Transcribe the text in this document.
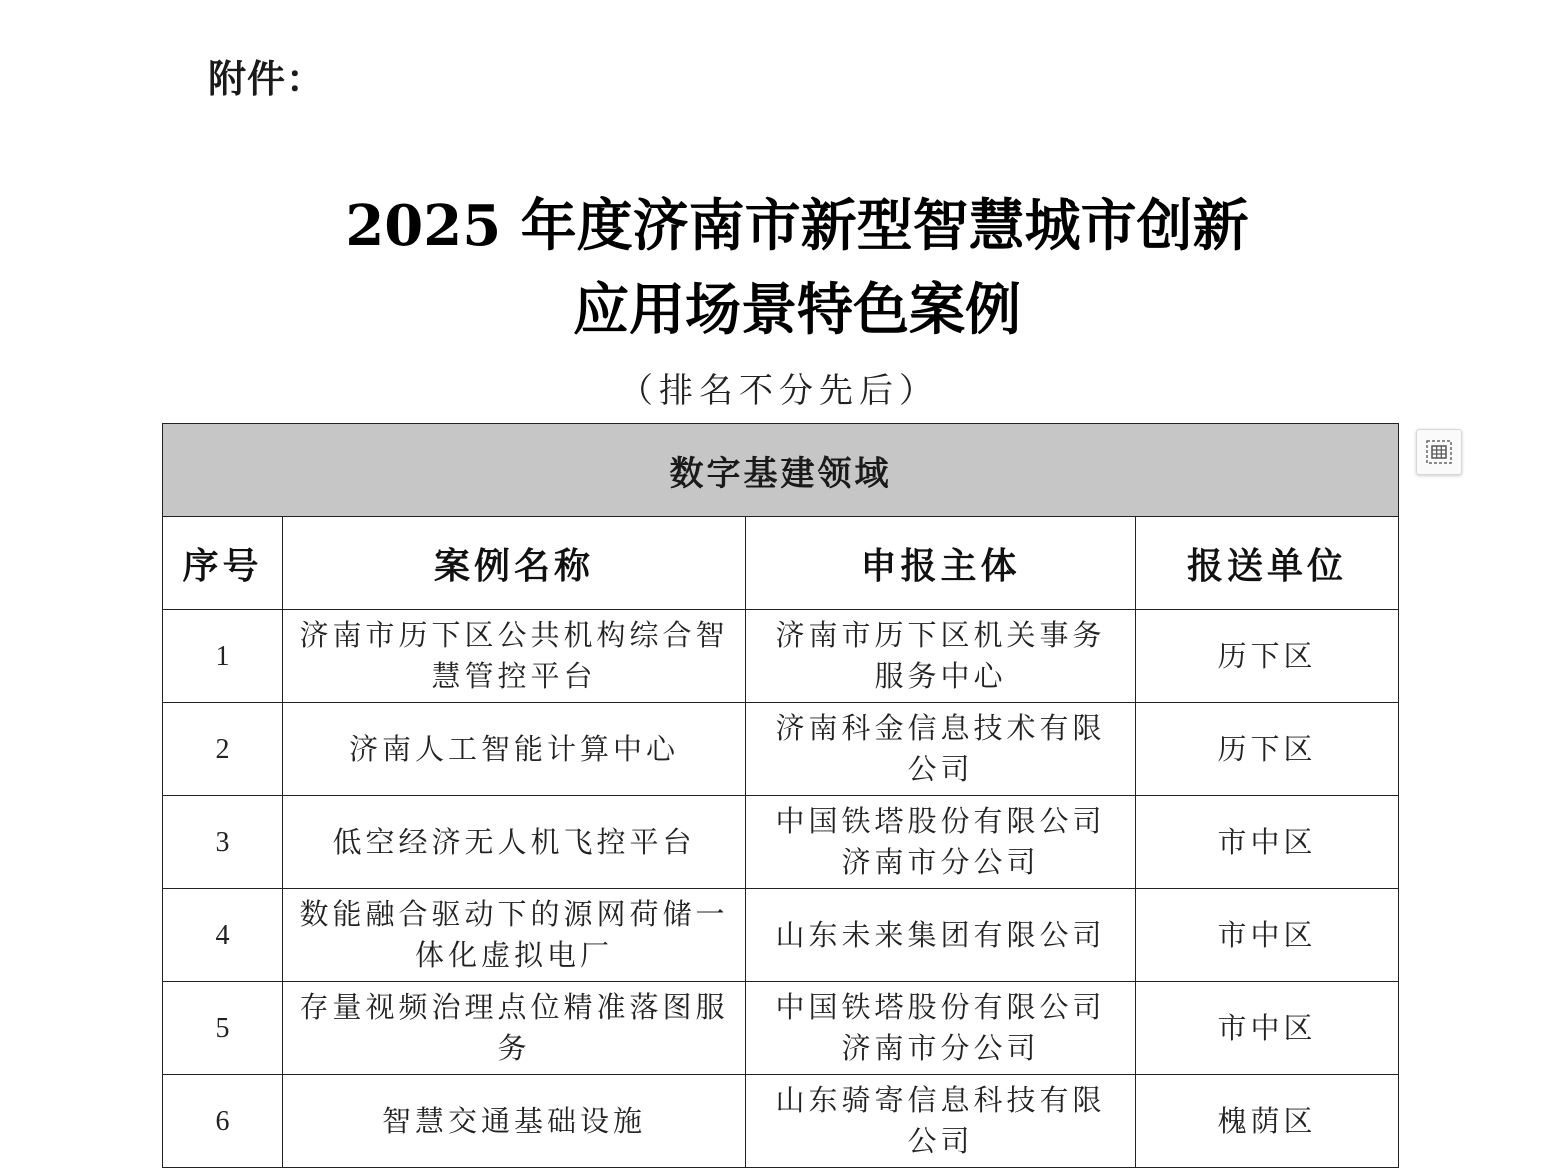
附件：
2025 年度济南市新型智慧城市创新
应用场景特色案例
（排名不分先后）
数字基建领域			
序号	案例名称	申报主体	报送单位
1	济南市历下区公共机构综合智慧管控平台	济南市历下区机关事务服务中心	历下区
2	济南人工智能计算中心	济南科金信息技术有限公司	历下区
3	低空经济无人机飞控平台	中国铁塔股份有限公司济南市分公司	市中区
4	数能融合驱动下的源网荷储一体化虚拟电厂	山东未来集团有限公司	市中区
5	存量视频治理点位精准落图服务	中国铁塔股份有限公司济南市分公司	市中区
6	智慧交通基础设施	山东骑寄信息科技有限公司	槐荫区
